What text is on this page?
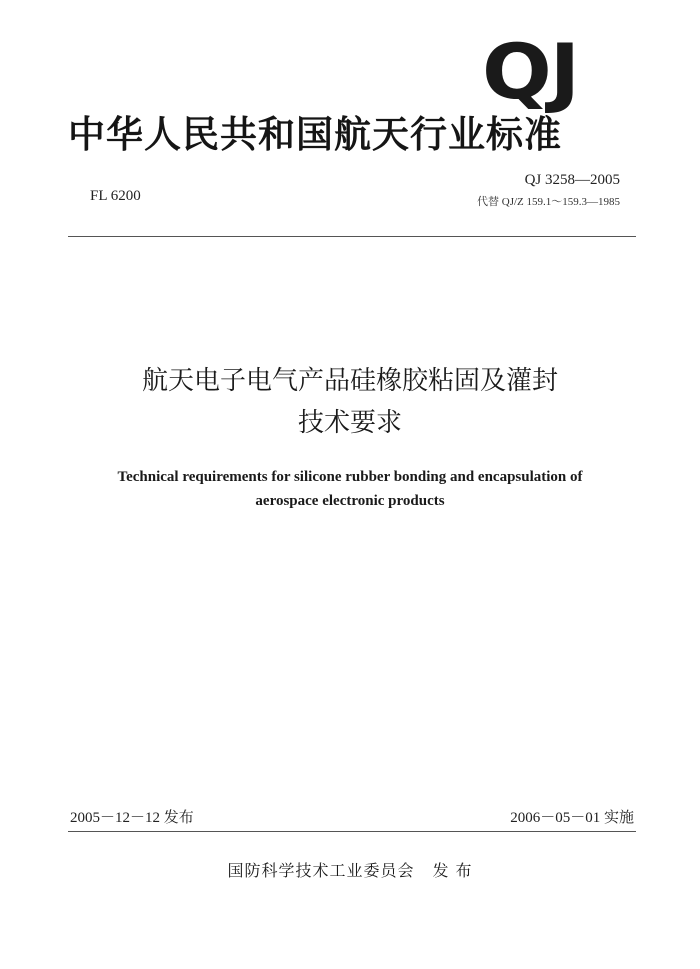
QJ
中华人民共和国航天行业标准
FL 6200
QJ 3258—2005
代替 QJ/Z 159.1～159.3—1985
航天电子电气产品硅橡胶粘固及灌封
技术要求
Technical requirements for silicone rubber bonding and encapsulation of
aerospace electronic products
2005－12－12 发布	2006－05－01 实施
国防科学技术工业委员会 发 布
